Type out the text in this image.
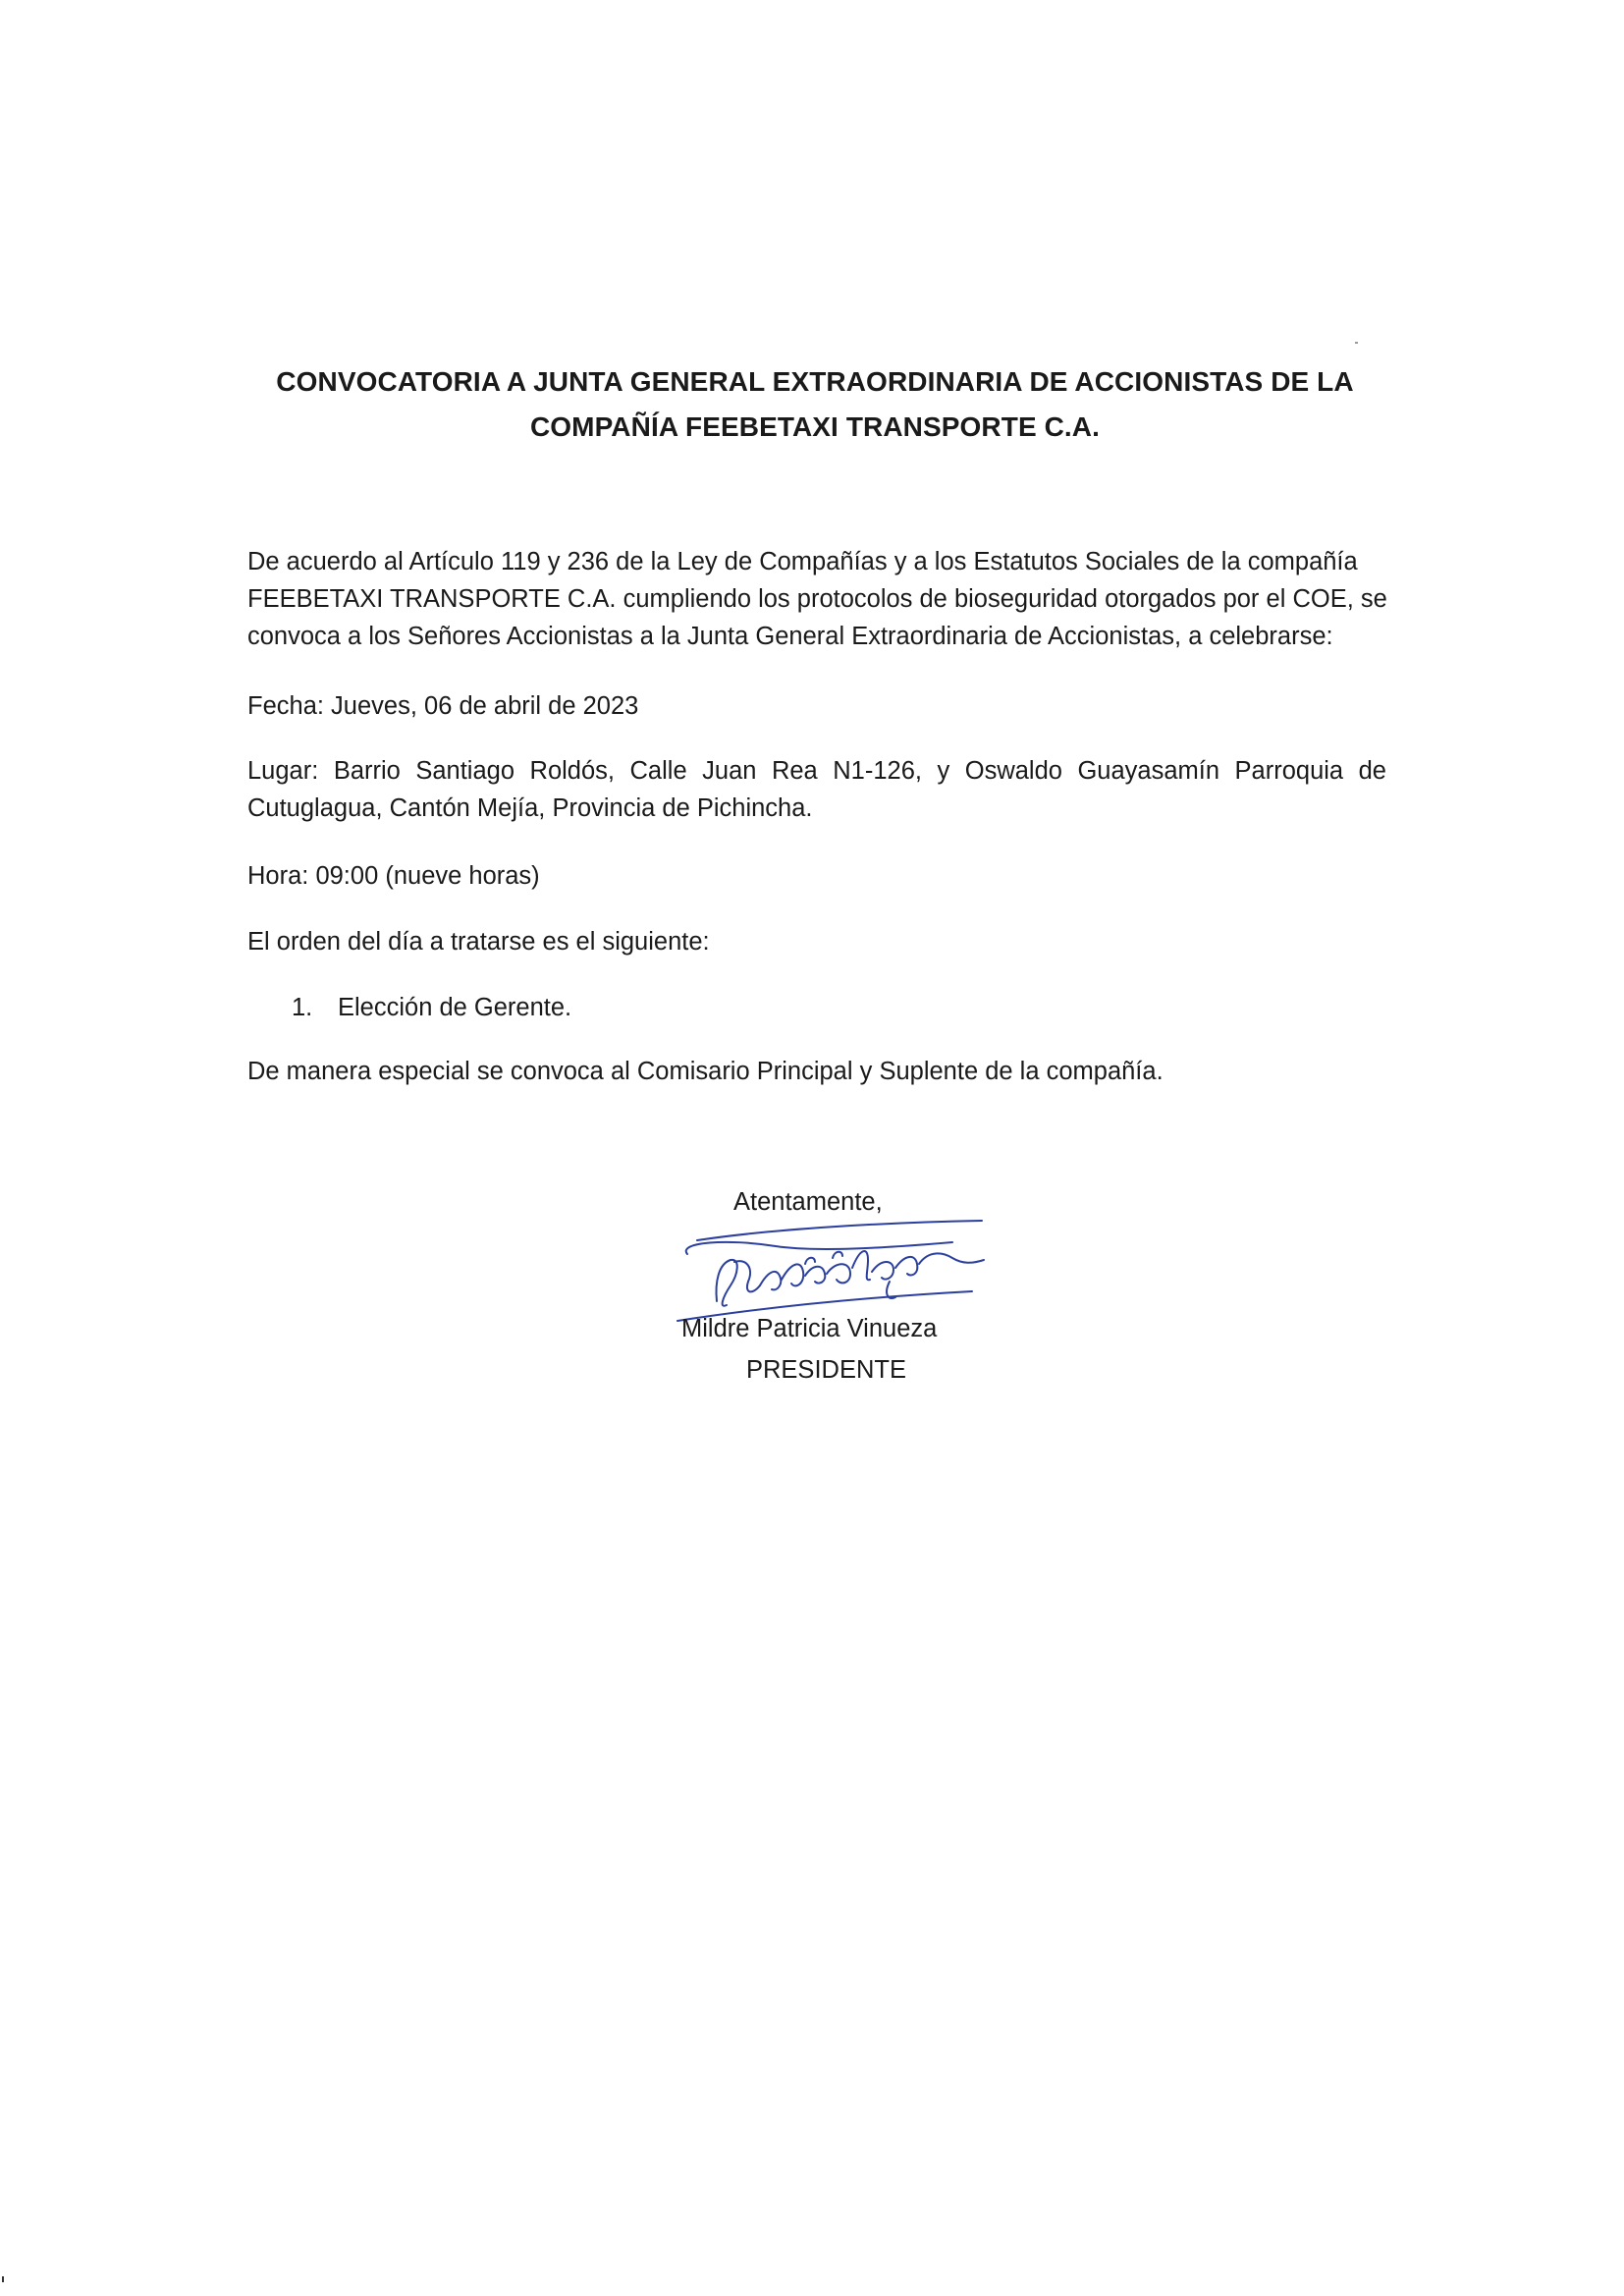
CONVOCATORIA A JUNTA GENERAL EXTRAORDINARIA DE ACCIONISTAS DE LA
COMPAÑÍA FEEBETAXI TRANSPORTE C.A.
De acuerdo al Artículo 119 y 236 de la Ley de Compañías y a los Estatutos Sociales de la compañía
FEEBETAXI TRANSPORTE C.A. cumpliendo los protocolos de bioseguridad otorgados por el COE, se
convoca a los Señores Accionistas a la Junta General Extraordinaria de Accionistas, a celebrarse:
Fecha: Jueves, 06 de abril de 2023
Lugar: Barrio Santiago Roldós, Calle Juan Rea N1-126, y Oswaldo Guayasamín Parroquia de
Cutuglagua, Cantón Mejía, Provincia de Pichincha.
Hora: 09:00 (nueve horas)
El orden del día a tratarse es el siguiente:
1. Elección de Gerente.
De manera especial se convoca al Comisario Principal y Suplente de la compañía.
Atentamente,
Mildre Patricia Vinueza
PRESIDENTE
